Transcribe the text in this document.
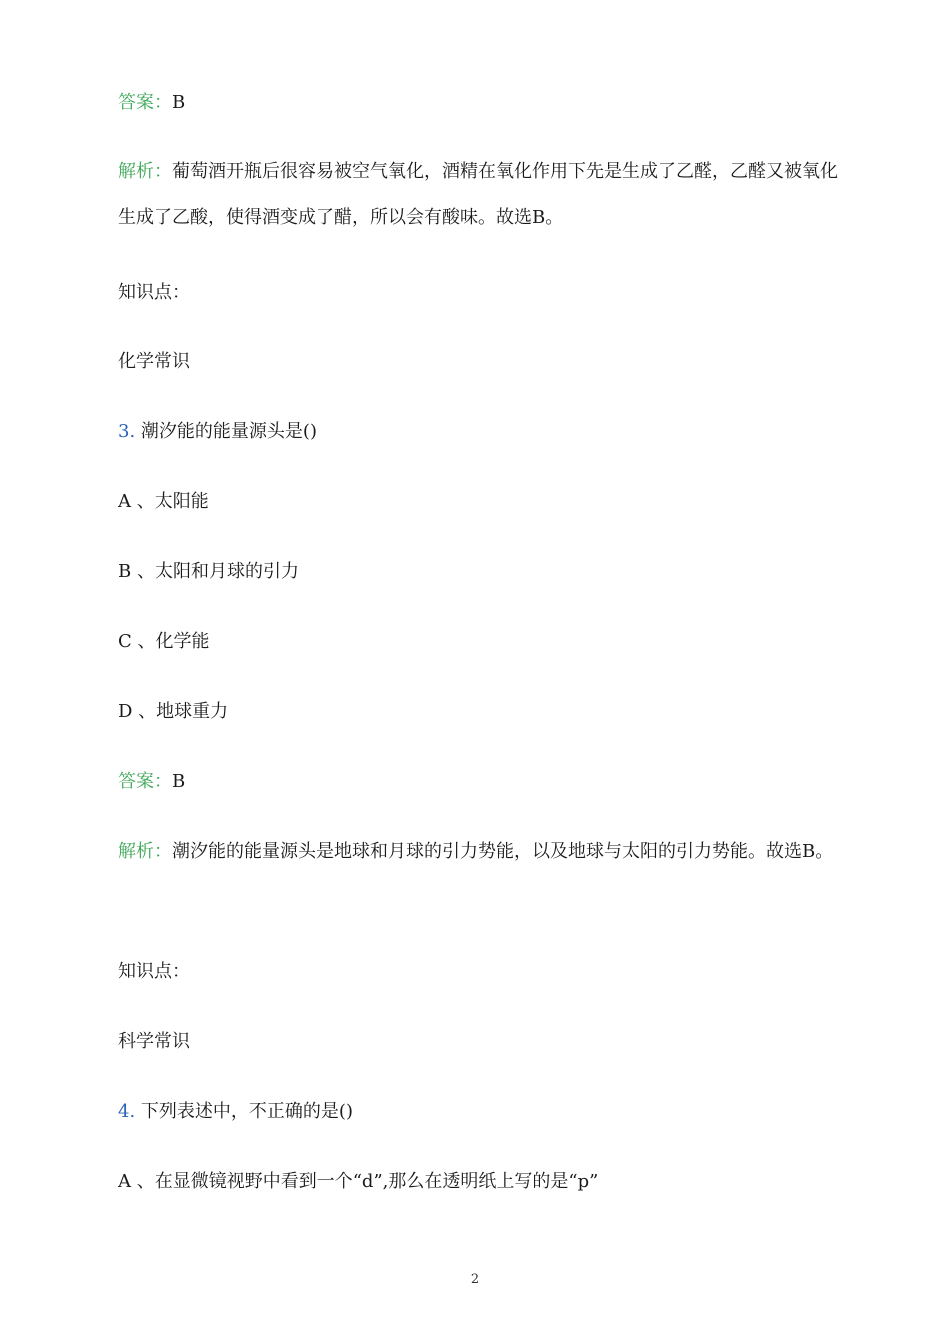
答案：B
解析：葡萄酒开瓶后很容易被空气氧化，酒精在氧化作用下先是生成了乙醛，乙醛又被氧化生成了乙酸，使得酒变成了醋，所以会有酸味。故选B。
知识点：
化学常识
3. 潮汐能的能量源头是()
A 、太阳能
B 、太阳和月球的引力
C 、化学能
D 、地球重力
答案：B
解析：潮汐能的能量源头是地球和月球的引力势能，以及地球与太阳的引力势能。故选B。
知识点：
科学常识
4. 下列表述中，不正确的是()
A 、在显微镜视野中看到一个“d”,那么在透明纸上写的是“p”
2
